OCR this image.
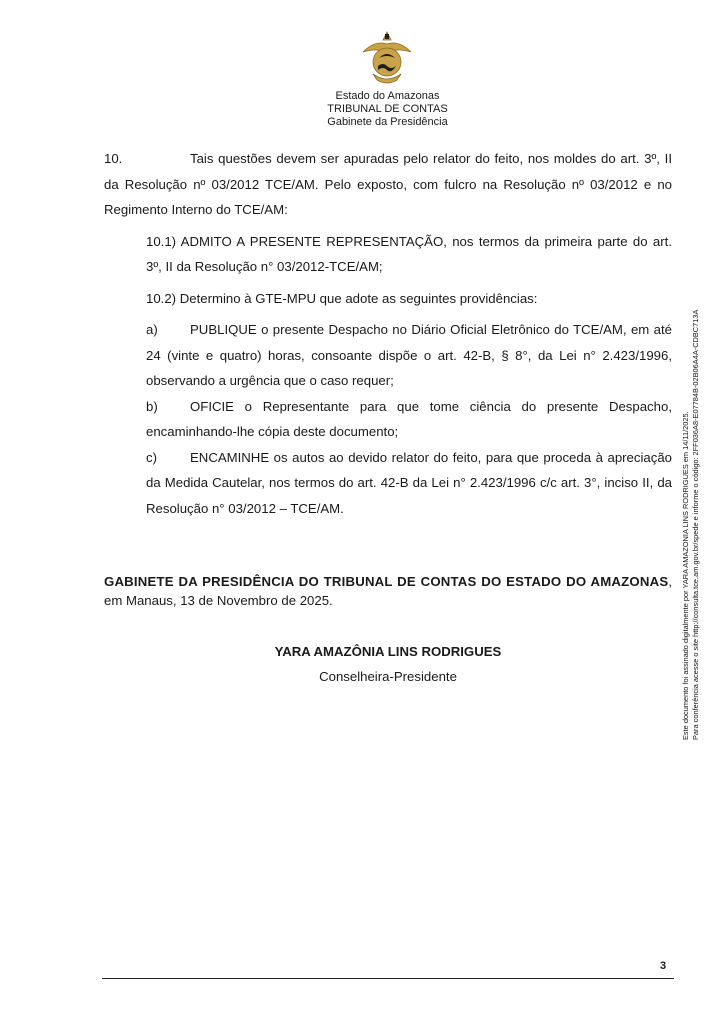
Estado do Amazonas
TRIBUNAL DE CONTAS
Gabinete da Presidência

10.	Tais questões devem ser apuradas pelo relator do feito, nos moldes do art. 3º, II da Resolução nº 03/2012 TCE/AM. Pelo exposto, com fulcro na Resolução nº 03/2012 e no Regimento Interno do TCE/AM:

10.1) ADMITO A PRESENTE REPRESENTAÇÃO, nos termos da primeira parte do art. 3º, II da Resolução n° 03/2012-TCE/AM;

10.2) Determino à GTE-MPU que adote as seguintes providências:

a) PUBLIQUE o presente Despacho no Diário Oficial Eletrônico do TCE/AM, em até 24 (vinte e quatro) horas, consoante dispõe o art. 42-B, § 8°, da Lei n° 2.423/1996, observando a urgência que o caso requer;

b) OFICIE o Representante para que tome ciência do presente Despacho, encaminhando-lhe cópia deste documento;

c)	ENCAMINHE os autos ao devido relator do feito, para que proceda à apreciação da Medida Cautelar, nos termos do art. 42-B da Lei n° 2.423/1996 c/c art. 3°, inciso II, da Resolução n° 03/2012 – TCE/AM.

GABINETE DA PRESIDÊNCIA DO TRIBUNAL DE CONTAS DO ESTADO DO AMAZONAS, em Manaus, 13 de Novembro de 2025.
YARA AMAZÔNIA LINS RODRIGUES
Conselheira-Presidente	Este documento foi assinado digitalmente por YARA AMAZONIA LINS RODRIGUES em 14/11/2025. Para conferência acesse o site http://consulta.tce.am.gov.br/spede e informe o código: 2FF036A8-E07784B-02B06A4A-CDBC713A
3
